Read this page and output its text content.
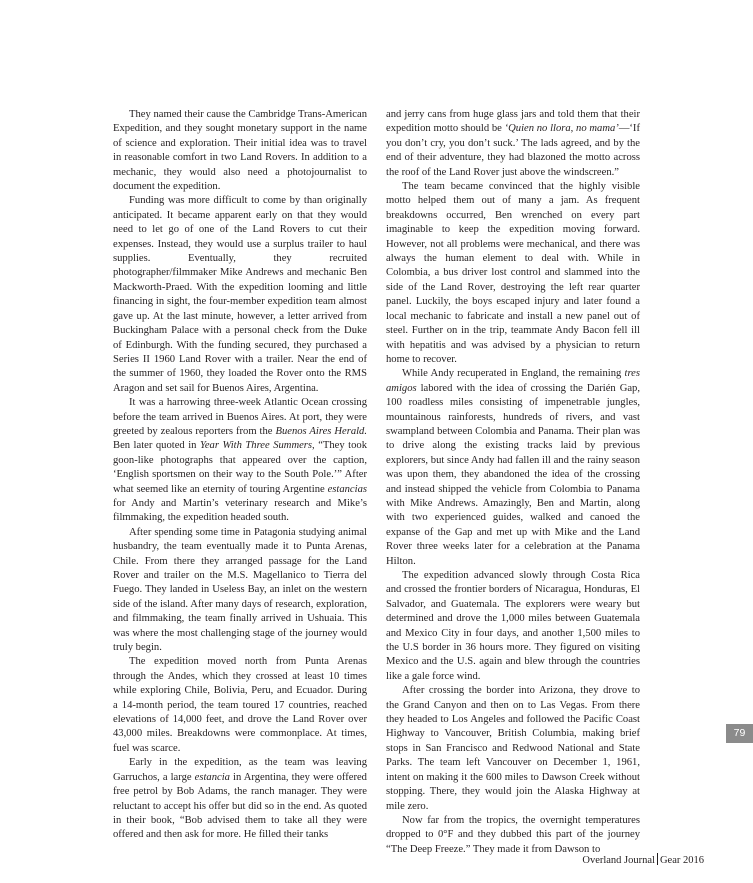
They named their cause the Cambridge Trans-American Expedition, and they sought monetary support in the name of science and exploration. Their initial idea was to travel in reasonable comfort in two Land Rovers. In addition to a mechanic, they would also need a photojournalist to document the expedition.

Funding was more difficult to come by than originally anticipated. It became apparent early on that they would need to let go of one of the Land Rovers to cut their expenses. Instead, they would use a surplus trailer to haul supplies. Eventually, they recruited photographer/filmmaker Mike Andrews and mechanic Ben Mackworth-Praed. With the expedition looming and little financing in sight, the four-member expedition team almost gave up. At the last minute, however, a letter arrived from Buckingham Palace with a personal check from the Duke of Edinburgh. With the funding secured, they purchased a Series II 1960 Land Rover with a trailer. Near the end of the summer of 1960, they loaded the Rover onto the RMS Aragon and set sail for Buenos Aires, Argentina.

It was a harrowing three-week Atlantic Ocean crossing before the team arrived in Buenos Aires. At port, they were greeted by zealous reporters from the Buenos Aires Herald. Ben later quoted in Year With Three Summers, “They took goon-like photographs that appeared over the caption, ‘English sportsmen on their way to the South Pole.’” After what seemed like an eternity of touring Argentine estancias for Andy and Martin’s veterinary research and Mike’s filmmaking, the expedition headed south.

After spending some time in Patagonia studying animal husbandry, the team eventually made it to Punta Arenas, Chile. From there they arranged passage for the Land Rover and trailer on the M.S. Magellanico to Tierra del Fuego. They landed in Useless Bay, an inlet on the western side of the island. After many days of research, exploration, and filmmaking, the team finally arrived in Ushuaia. This was where the most challenging stage of the journey would truly begin.

The expedition moved north from Punta Arenas through the Andes, which they crossed at least 10 times while exploring Chile, Bolivia, Peru, and Ecuador. During a 14-month period, the team toured 17 countries, reached elevations of 14,000 feet, and drove the Land Rover over 43,000 miles. Breakdowns were commonplace. At times, fuel was scarce.

Early in the expedition, as the team was leaving Garruchos, a large estancia in Argentina, they were offered free petrol by Bob Adams, the ranch manager. They were reluctant to accept his offer but did so in the end. As quoted in their book, “Bob advised them to take all they were offered and then ask for more. He filled their tanks

and jerry cans from huge glass jars and told them that their expedition motto should be ‘Quien no llora, no mama’—‘If you don’t cry, you don’t suck.’ The lads agreed, and by the end of their adventure, they had blazoned the motto across the roof of the Land Rover just above the windscreen.”

The team became convinced that the highly visible motto helped them out of many a jam. As frequent breakdowns occurred, Ben wrenched on every part imaginable to keep the expedition moving forward. However, not all problems were mechanical, and there was always the human element to deal with. While in Colombia, a bus driver lost control and slammed into the side of the Land Rover, destroying the left rear quarter panel. Luckily, the boys escaped injury and later found a local mechanic to fabricate and install a new panel out of steel. Further on in the trip, teammate Andy Bacon fell ill with hepatitis and was advised by a physician to return home to recover.

While Andy recuperated in England, the remaining tres amigos labored with the idea of crossing the Darién Gap, 100 roadless miles consisting of impenetrable jungles, mountainous rainforests, hundreds of rivers, and vast swampland between Colombia and Panama. Their plan was to drive along the existing tracks laid by previous explorers, but since Andy had fallen ill and the rainy season was upon them, they abandoned the idea of the crossing and instead shipped the vehicle from Colombia to Panama with Mike Andrews. Amazingly, Ben and Martin, along with two experienced guides, walked and canoed the expanse of the Gap and met up with Mike and the Land Rover three weeks later for a celebration at the Panama Hilton.

The expedition advanced slowly through Costa Rica and crossed the frontier borders of Nicaragua, Honduras, El Salvador, and Guatemala. The explorers were weary but determined and drove the 1,000 miles between Guatemala and Mexico City in four days, and another 1,500 miles to the U.S border in 36 hours more. They figured on visiting Mexico and the U.S. again and blew through the countries like a gale force wind.

After crossing the border into Arizona, they drove to the Grand Canyon and then on to Las Vegas. From there they headed to Los Angeles and followed the Pacific Coast Highway to Vancouver, British Columbia, making brief stops in San Francisco and Redwood National and State Parks. The team left Vancouver on December 1, 1961, intent on making it the 600 miles to Dawson Creek without stopping. There, they would join the Alaska Highway at mile zero.

Now far from the tropics, the overnight temperatures dropped to 0°F and they dubbed this part of the journey “The Deep Freeze.” They made it from Dawson to

79
Overland Journal Gear 2016
